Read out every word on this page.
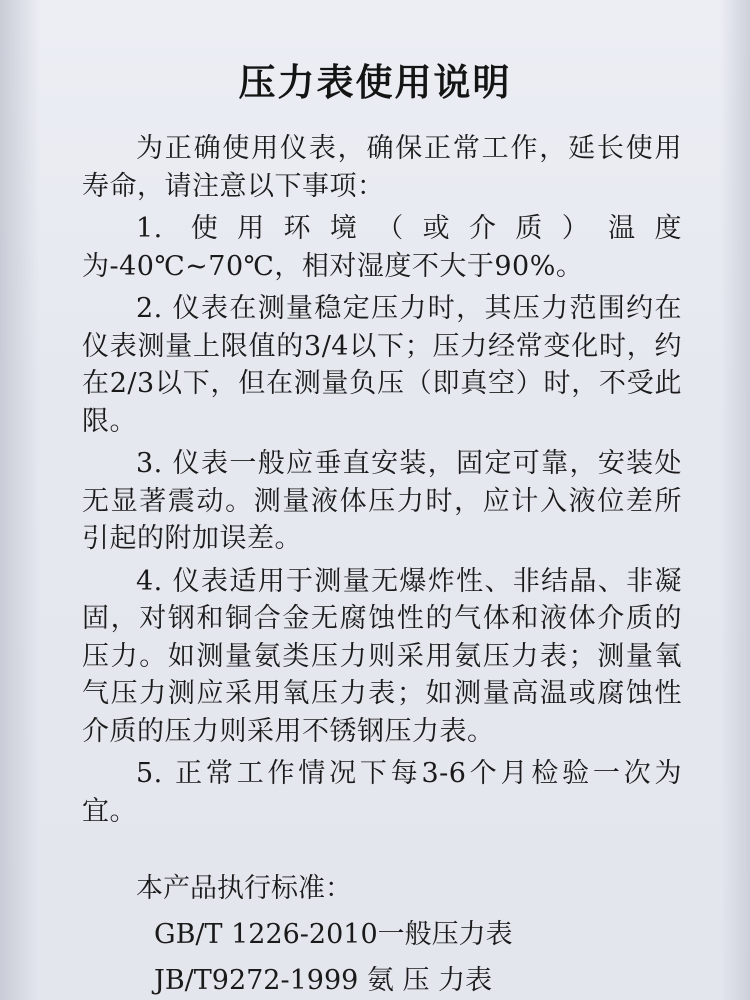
压力表使用说明

为正确使用仪表，确保正常工作，延长使用寿命，请注意以下事项：

1. 使用环境（或介质）温度为-40℃~70℃，相对湿度不大于90%。

2. 仪表在测量稳定压力时，其压力范围约在仪表测量上限值的3/4以下；压力经常变化时，约在2/3以下，但在测量负压（即真空）时，不受此限。

3. 仪表一般应垂直安装，固定可靠，安装处无显著震动。测量液体压力时，应计入液位差所引起的附加误差。

4. 仪表适用于测量无爆炸性、非结晶、非凝固，对钢和铜合金无腐蚀性的气体和液体介质的压力。如测量氨类压力则采用氨压力表；测量氧气压力测应采用氧压力表；如测量高温或腐蚀性介质的压力则采用不锈钢压力表。

5. 正常工作情况下每3-6个月检验一次为宜。

本产品执行标准：

GB/T 1226-2010一般压力表

JB/T9272-1999 氨 压 力表
